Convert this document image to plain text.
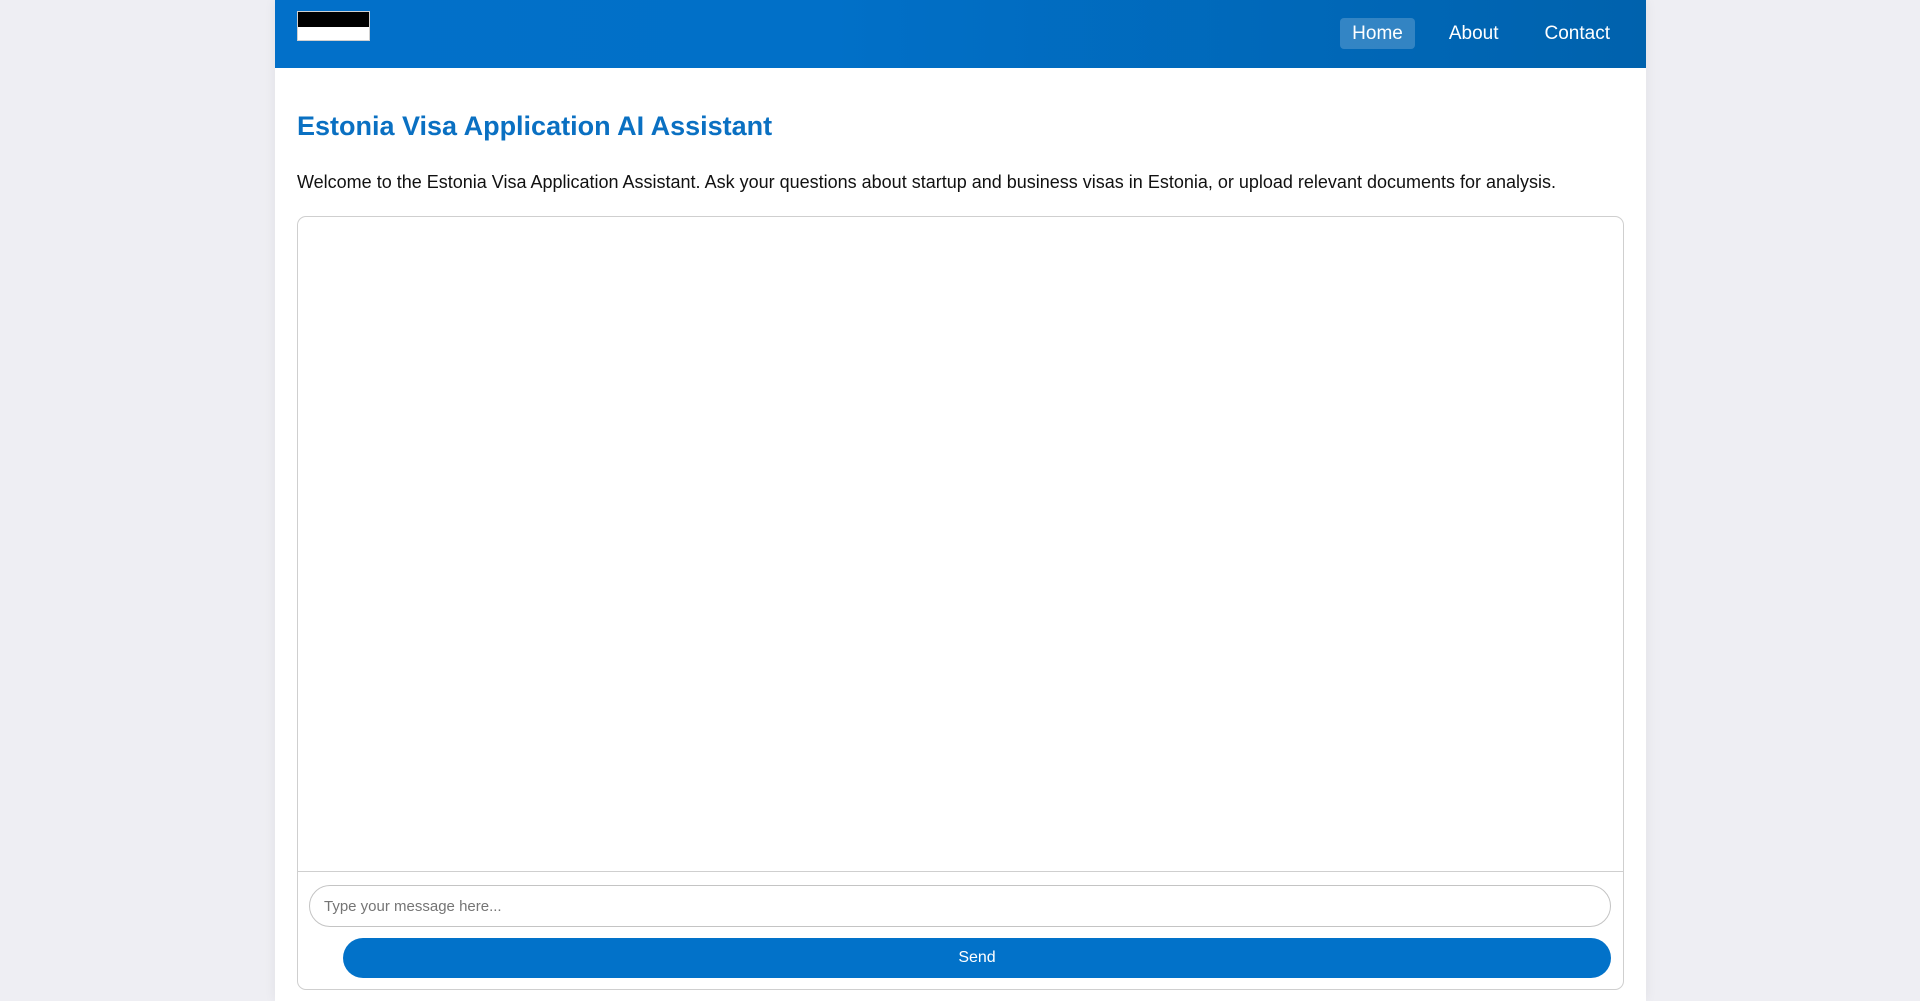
Home	About	Contact
Estonia Visa Application AI Assistant

Welcome to the Estonia Visa Application Assistant. Ask your questions about startup and business visas in Estonia, or upload relevant documents for analysis.

Type your message here...
Send
